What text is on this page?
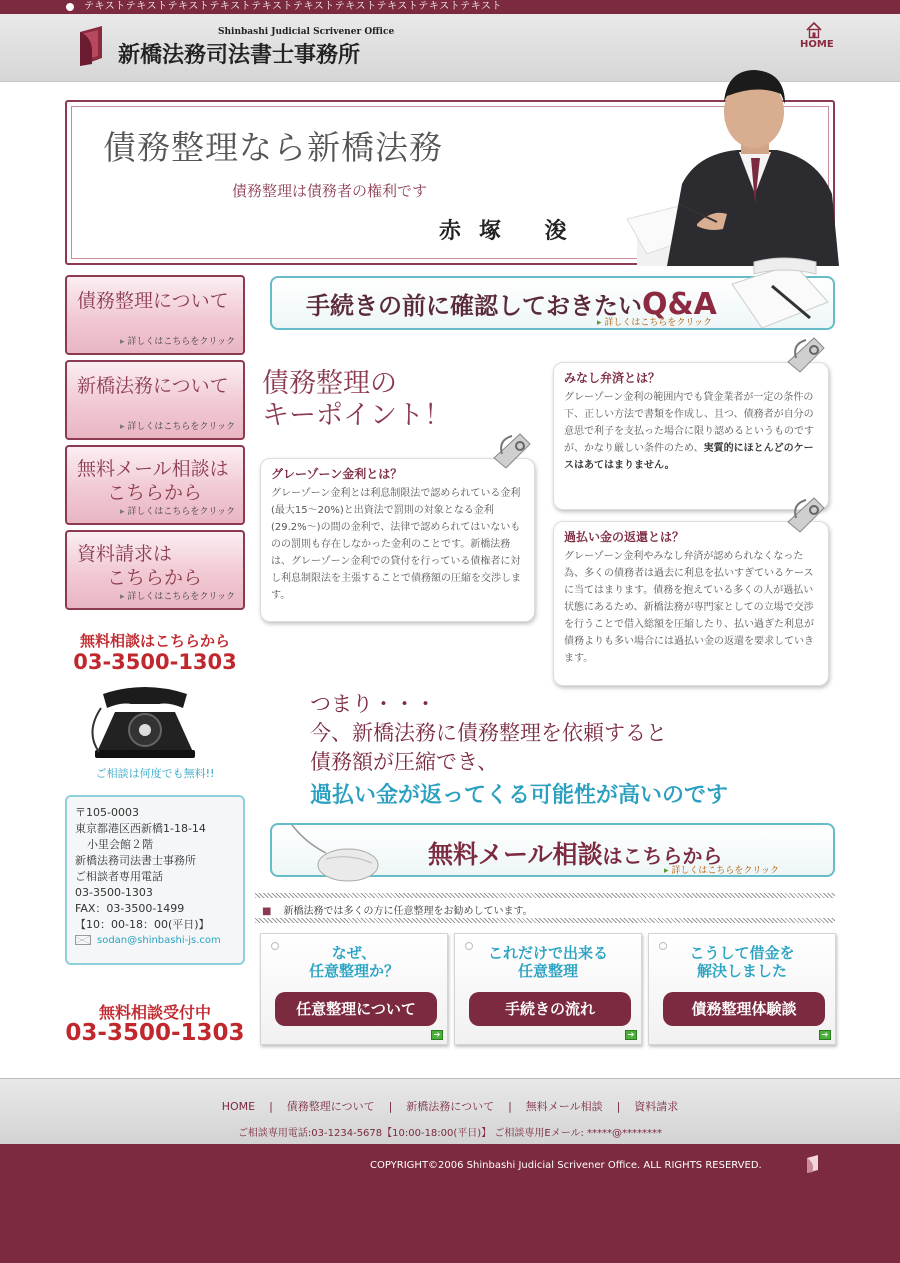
テキストテキストテキストテキストテキストテキストテキストテキストテキストテキスト
Shinbashi Judicial Scrivener Office
新橋法務司法書士事務所	HOME
債務整理なら新橋法務
債務整理は債務者の権利です
赤塚 浚
債務整理について
▸ 詳しくはこちらをクリック
新橋法務について
▸ 詳しくはこちらをクリック
無料メール相談は
こちらから
▸ 詳しくはこちらをクリック
資料請求は
こちらから
▸ 詳しくはこちらをクリック
無料相談はこちらから
03-3500-1303
ご相談は何度でも無料!!
〒105-0003
東京都港区西新橋1-18-14
小里会館２階
新橋法務司法書士事務所
ご相談者専用電話
03-3500-1303
FAX：03-3500-1499
【10：00-18：00(平日)】
sodan@shinbashi-js.com
無料相談受付中
03-3500-1303
手続きの前に確認しておきたいQ&A
▸ 詳しくはこちらをクリック
債務整理の
キーポイント！
グレーゾーン金利とは？
グレーゾーン金利とは利息制限法で認められている金利(最大15～20%)と出資法で罰則の対象となる金利(29.2%～)の間の金利で、法律で認められてはいないものの罰則も存在しなかった金利のことです。新橋法務は、グレーゾーン金利での貸付を行っている債権者に対し利息制限法を主張することで債務額の圧縮を交渉します。
みなし弁済とは？
グレーゾーン金利の範囲内でも貸金業者が一定の条件の下、正しい方法で書類を作成し、且つ、債務者が自分の意思で利子を支払った場合に限り認めるというものですが、かなり厳しい条件のため、実質的にほとんどのケースはあてはまりません。
過払い金の返還とは？
グレーゾーン金利やみなし弁済が認められなくなった為、多くの債務者は過去に利息を払いすぎているケースに当てはまります。債務を抱えている多くの人が過払い状態にあるため、新橋法務が専門家としての立場で交渉を行うことで借入総額を圧縮したり、払い過ぎた利息が債務よりも多い場合には過払い金の返還を要求していきます。
つまり・・・
今、新橋法務に債務整理を依頼すると
債務額が圧縮でき、
過払い金が返ってくる可能性が高いのです
無料メール相談はこちらから
▸ 詳しくはこちらをクリック
■ 新橋法務では多くの方に任意整理をお勧めしています。
なぜ、
任意整理か？
任意整理について
➔
これだけで出来る
任意整理
手続きの流れ
➔
こうして借金を
解決しました
債務整理体験談
➔
HOME | 債務整理について | 新橋法務について | 無料メール相談 | 資料請求
ご相談専用電話:03-1234-5678【10:00-18:00(平日)】 ご相談専用Eメール: *****@********
COPYRIGHT©2006 Shinbashi Judicial Scrivener Office. ALL RIGHTS RESERVED.
